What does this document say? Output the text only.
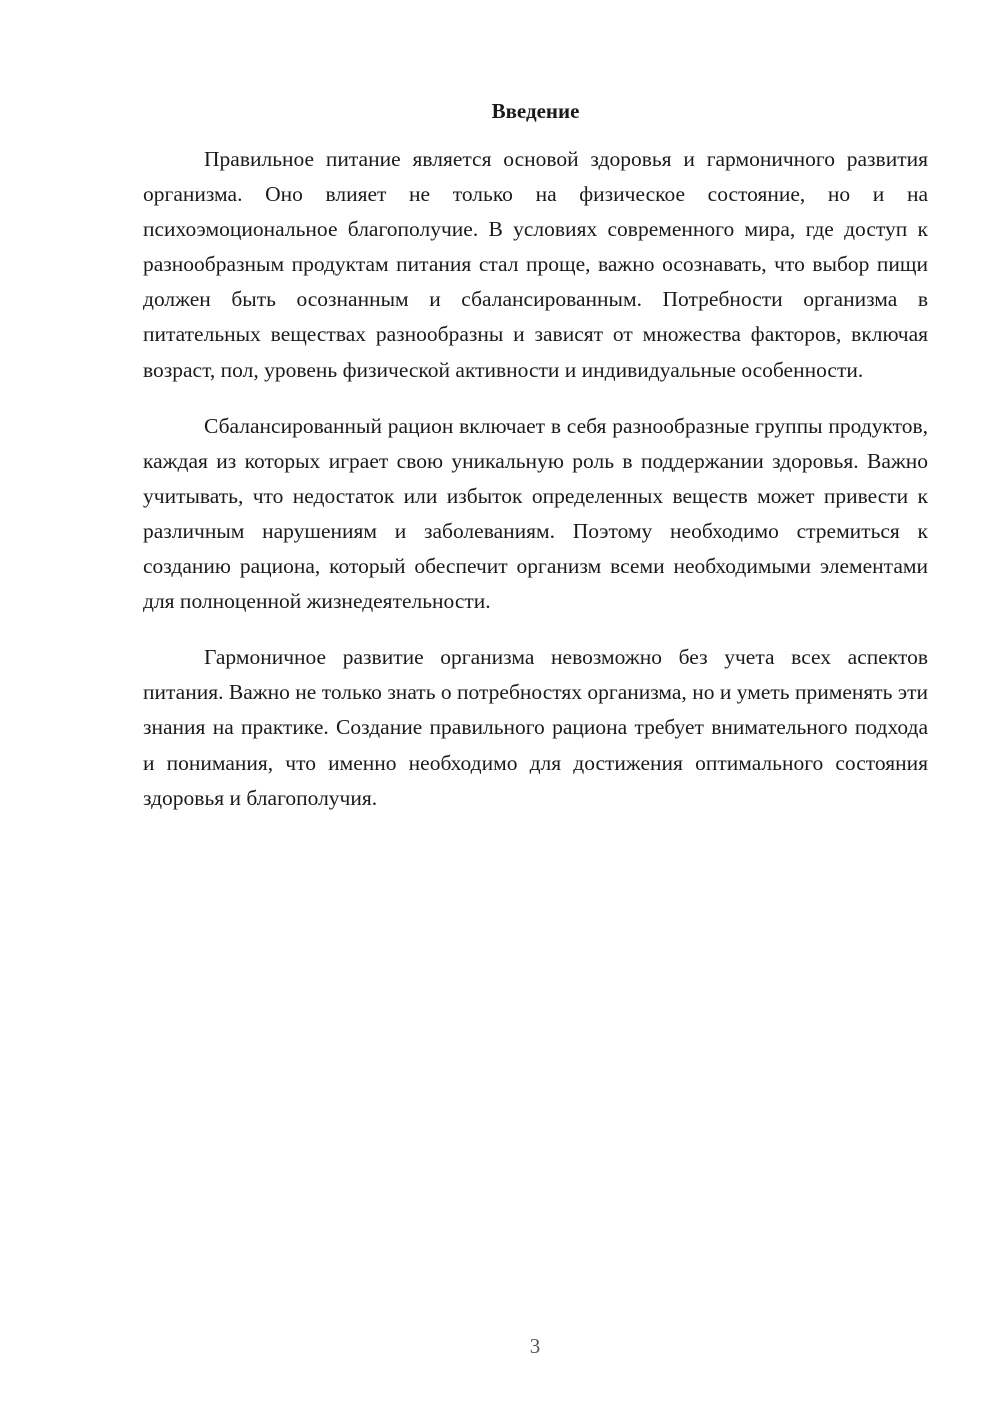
Введение

Правильное питание является основой здоровья и гармоничного развития организма. Оно влияет не только на физическое состояние, но и на психоэмоциональное благополучие. В условиях современного мира, где доступ к разнообразным продуктам питания стал проще, важно осознавать, что выбор пищи должен быть осознанным и сбалансированным. Потребности организма в питательных веществах разнообразны и зависят от множества факторов, включая возраст, пол, уровень физической активности и индивидуальные особенности.

Сбалансированный рацион включает в себя разнообразные группы продуктов, каждая из которых играет свою уникальную роль в поддержании здоровья. Важно учитывать, что недостаток или избыток определенных веществ может привести к различным нарушениям и заболеваниям. Поэтому необходимо стремиться к созданию рациона, который обеспечит организм всеми необходимыми элементами для полноценной жизнедеятельности.

Гармоничное развитие организма невозможно без учета всех аспектов питания. Важно не только знать о потребностях организма, но и уметь применять эти знания на практике. Создание правильного рациона требует внимательного подхода и понимания, что именно необходимо для достижения оптимального состояния здоровья и благополучия.

3
